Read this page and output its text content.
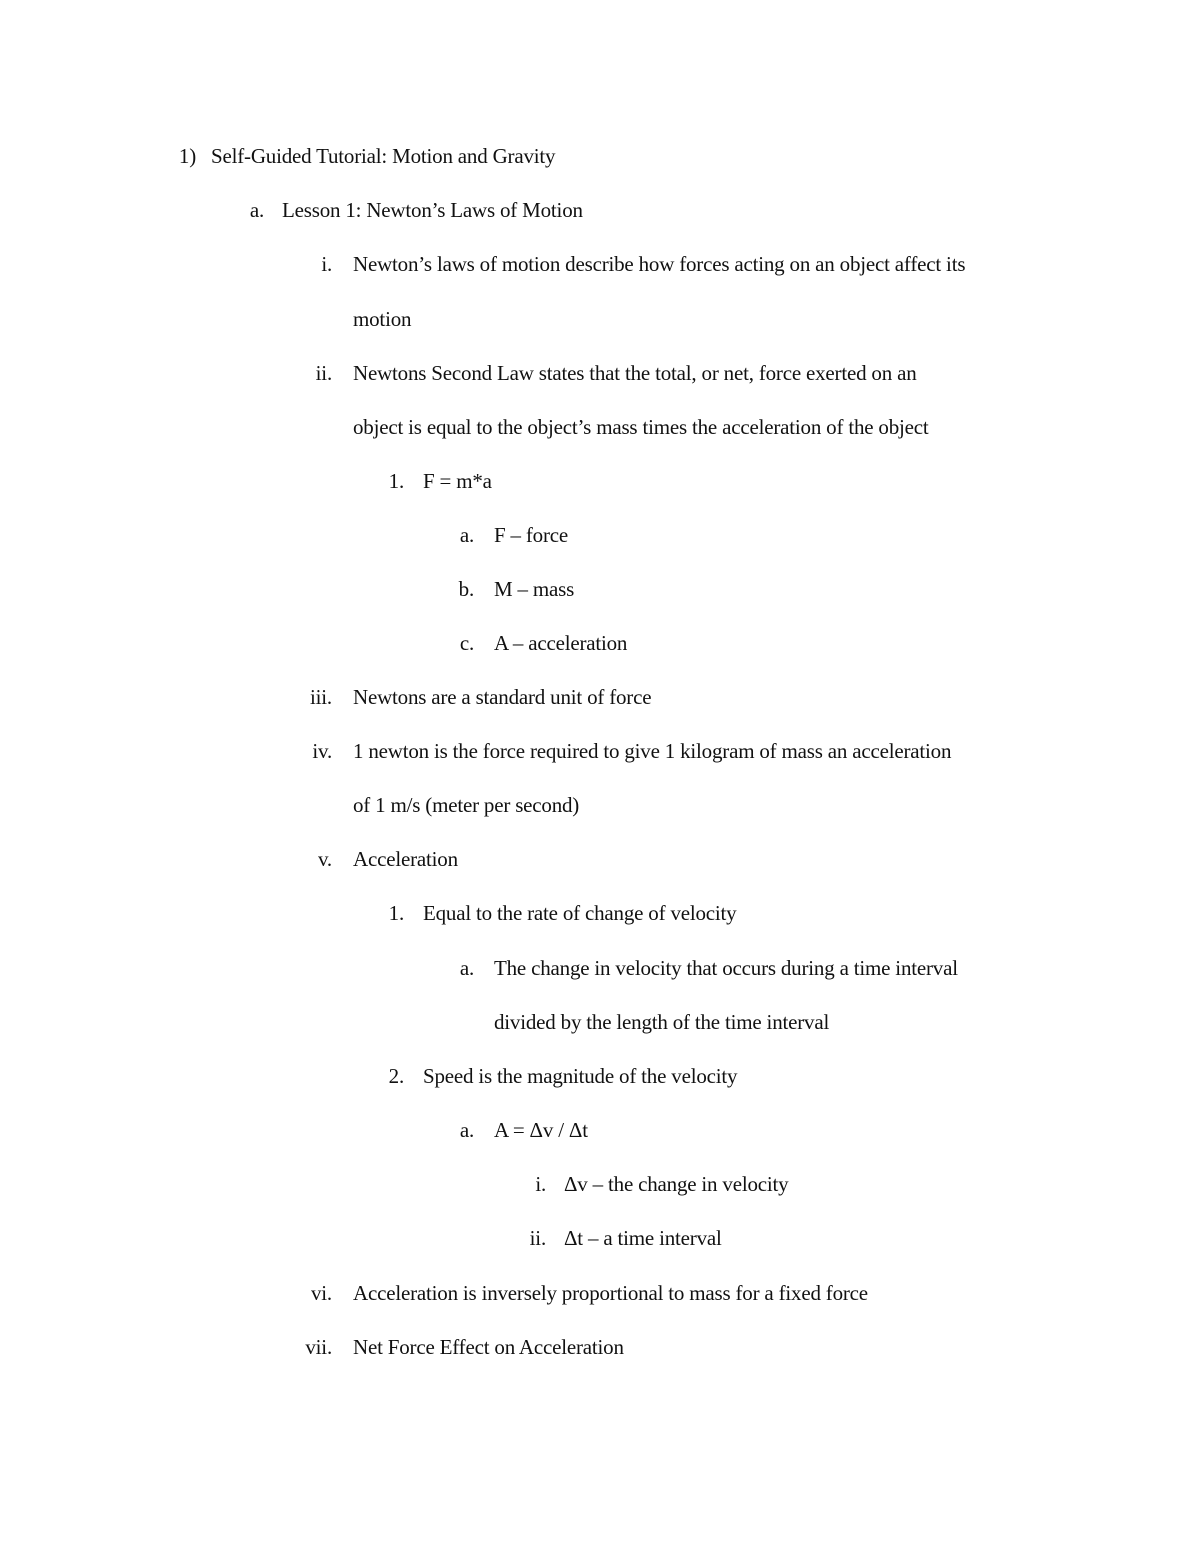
1) Self-Guided Tutorial: Motion and Gravity
a. Lesson 1: Newton’s Laws of Motion
i. Newton’s laws of motion describe how forces acting on an object affect its
motion
ii. Newtons Second Law states that the total, or net, force exerted on an
object is equal to the object’s mass times the acceleration of the object
1. F = m*a
a. F – force
b. M – mass
c. A – acceleration
iii. Newtons are a standard unit of force
iv. 1 newton is the force required to give 1 kilogram of mass an acceleration
of 1 m/s (meter per second)
v. Acceleration
1. Equal to the rate of change of velocity
a. The change in velocity that occurs during a time interval
divided by the length of the time interval
2. Speed is the magnitude of the velocity
a. A = Δv / Δt
i. Δv – the change in velocity
ii. Δt – a time interval
vi. Acceleration is inversely proportional to mass for a fixed force
vii. Net Force Effect on Acceleration
